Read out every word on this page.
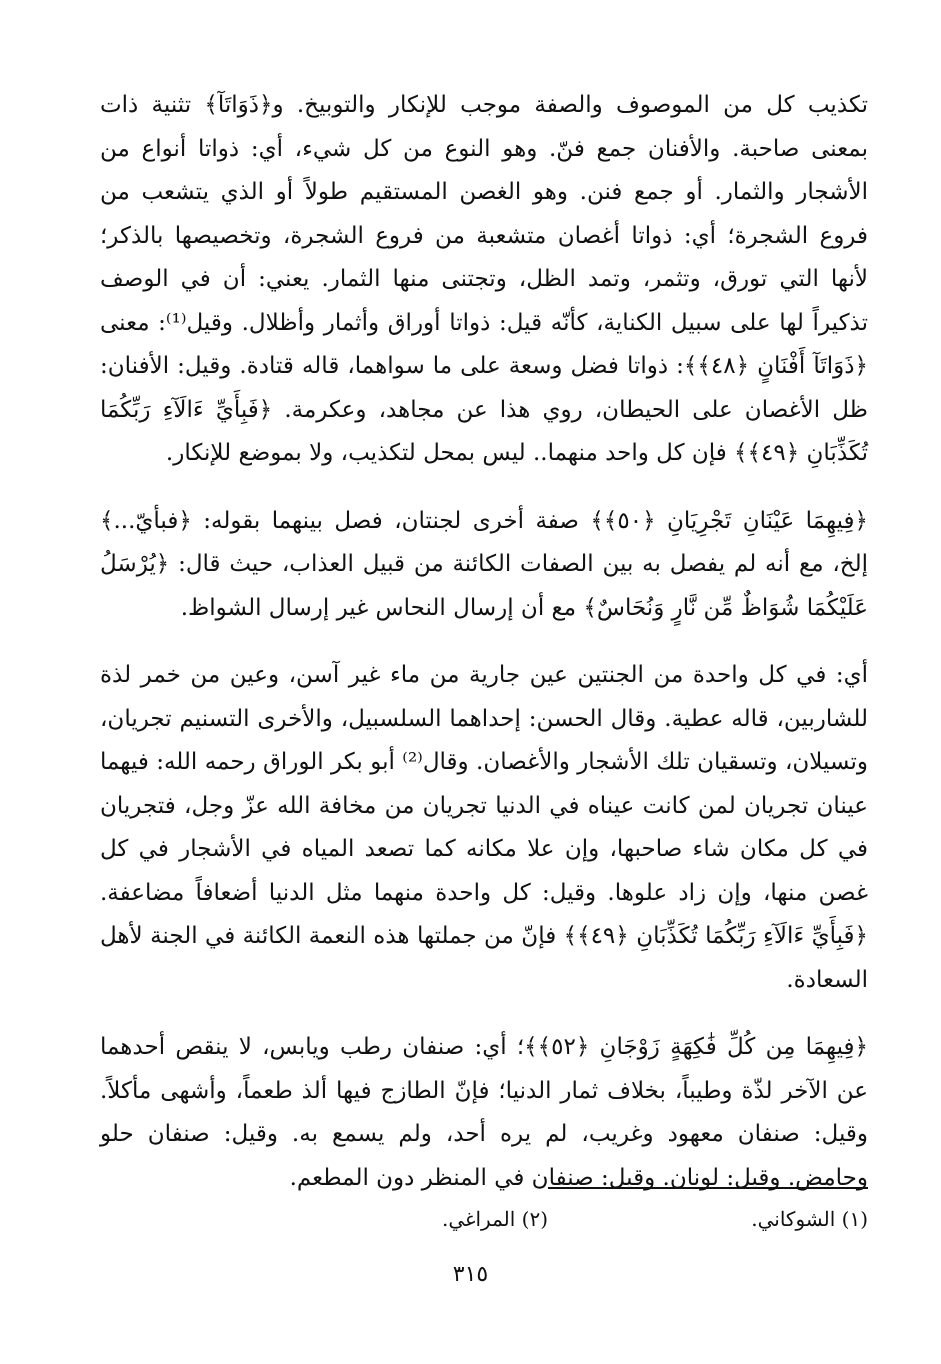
تكذيب كل من الموصوف والصفة موجب للإنكار والتوبيخ. و﴿ذَوَاتَآ﴾ تثنية ذات بمعنى صاحبة. والأفنان جمع فنّ. وهو النوع من كل شيء، أي: ذواتا أنواع من الأشجار والثمار. أو جمع فنن. وهو الغصن المستقيم طولاً أو الذي يتشعب من فروع الشجرة؛ أي: ذواتا أغصان متشعبة من فروع الشجرة، وتخصيصها بالذكر؛ لأنها التي تورق، وتثمر، وتمد الظل، وتجتنى منها الثمار. يعني: أن في الوصف تذكيراً لها على سبيل الكناية، كأنّه قيل: ذواتا أوراق وأثمار وأظلال. وقيل⁽¹⁾: معنى ﴿ذَوَاتَآ أَفْنَانٍ ﴿٤٨﴾﴾: ذواتا فضل وسعة على ما سواهما، قاله قتادة. وقيل: الأفنان: ظل الأغصان على الحيطان، روي هذا عن مجاهد، وعكرمة. ﴿فَبِأَيِّ ءَالَآءِ رَبِّكُمَا تُكَذِّبَانِ ﴿٤٩﴾﴾ فإن كل واحد منهما.. ليس بمحل لتكذيب، ولا بموضع للإنكار.

﴿فِيهِمَا عَيْنَانِ تَجْرِيَانِ ﴿٥٠﴾﴾ صفة أخرى لجنتان، فصل بينهما بقوله: ﴿فبأيّ...﴾ إلخ، مع أنه لم يفصل به بين الصفات الكائنة من قبيل العذاب، حيث قال: ﴿يُرْسَلُ عَلَيْكُمَا شُوَاظٌ مِّن نَّارٍ وَنُحَاسٌ﴾ مع أن إرسال النحاس غير إرسال الشواظ.

أي: في كل واحدة من الجنتين عين جارية من ماء غير آسن، وعين من خمر لذة للشاربين، قاله عطية. وقال الحسن: إحداهما السلسبيل، والأخرى التسنيم تجريان، وتسيلان، وتسقيان تلك الأشجار والأغصان. وقال⁽²⁾ أبو بكر الوراق رحمه الله: فيهما عينان تجريان لمن كانت عيناه في الدنيا تجريان من مخافة الله عزّ وجل، فتجريان في كل مكان شاء صاحبها، وإن علا مكانه كما تصعد المياه في الأشجار في كل غصن منها، وإن زاد علوها. وقيل: كل واحدة منهما مثل الدنيا أضعافاً مضاعفة. ﴿فَبِأَيِّ ءَالَآءِ رَبِّكُمَا تُكَذِّبَانِ ﴿٤٩﴾﴾ فإنّ من جملتها هذه النعمة الكائنة في الجنة لأهل السعادة.

﴿فِيهِمَا مِن كُلِّ فَٰكِهَةٍ زَوْجَانِ ﴿٥٢﴾﴾؛ أي: صنفان رطب ويابس، لا ينقص أحدهما عن الآخر لذّة وطيباً، بخلاف ثمار الدنيا؛ فإنّ الطازج فيها ألذ طعماً، وأشهى مأكلاً. وقيل: صنفان معهود وغريب، لم يره أحد، ولم يسمع به. وقيل: صنفان حلو وحامض. وقيل: لونان. وقيل: صنفان في المنظر دون المطعم.

(١) الشوكاني.
(٢) المراغي.
٣١٥
